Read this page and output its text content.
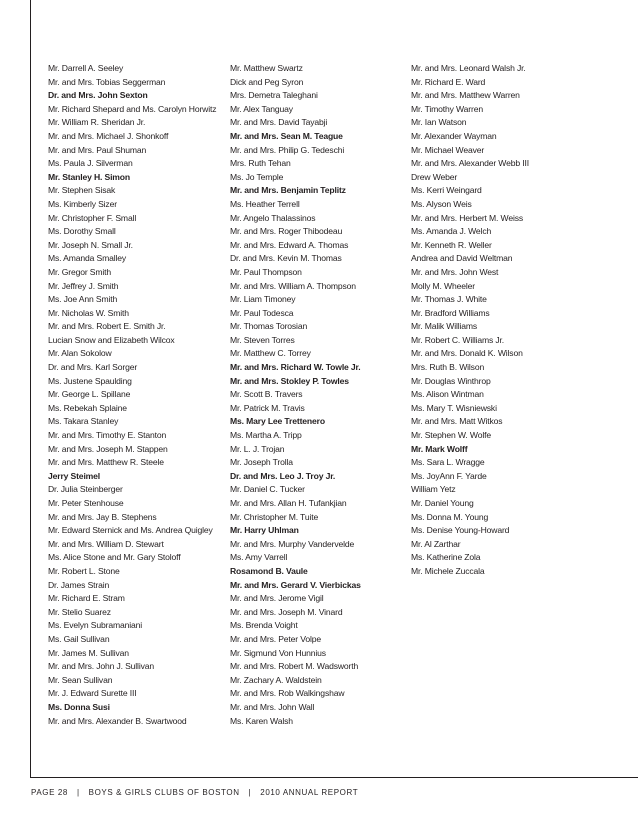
Mr. Darrell A. Seeley
Mr. and Mrs. Tobias Seggerman
Dr. and Mrs. John Sexton
Mr. Richard Shepard and Ms. Carolyn Horwitz
Mr. William R. Sheridan Jr.
Mr. and Mrs. Michael J. Shonkoff
Mr. and Mrs. Paul Shuman
Ms. Paula J. Silverman
Mr. Stanley H. Simon
Mr. Stephen Sisak
Ms. Kimberly Sizer
Mr. Christopher F. Small
Ms. Dorothy Small
Mr. Joseph N. Small Jr.
Ms. Amanda Smalley
Mr. Gregor Smith
Mr. Jeffrey J. Smith
Ms. Joe Ann Smith
Mr. Nicholas W. Smith
Mr. and Mrs. Robert E. Smith Jr.
Lucian Snow and Elizabeth Wilcox
Mr. Alan Sokolow
Dr. and Mrs. Karl Sorger
Ms. Justene Spaulding
Mr. George L. Spillane
Ms. Rebekah Splaine
Ms. Takara Stanley
Mr. and Mrs. Timothy E. Stanton
Mr. and Mrs. Joseph M. Stappen
Mr. and Mrs. Matthew R. Steele
Jerry Steimel
Dr. Julia Steinberger
Mr. Peter Stenhouse
Mr. and Mrs. Jay B. Stephens
Mr. Edward Sternick and Ms. Andrea Quigley
Mr. and Mrs. William D. Stewart
Ms. Alice Stone and Mr. Gary Stoloff
Mr. Robert L. Stone
Dr. James Strain
Mr. Richard E. Stram
Mr. Stelio Suarez
Ms. Evelyn Subramaniani
Ms. Gail Sullivan
Mr. James M. Sullivan
Mr. and Mrs. John J. Sullivan
Mr. Sean Sullivan
Mr. J. Edward Surette III
Ms. Donna Susi
Mr. and Mrs. Alexander B. Swartwood
Mr. Matthew Swartz
Dick and Peg Syron
Mrs. Demetra Taleghani
Mr. Alex Tanguay
Mr. and Mrs. David Tayabji
Mr. and Mrs. Sean M. Teague
Mr. and Mrs. Philip G. Tedeschi
Mrs. Ruth Tehan
Ms. Jo Temple
Mr. and Mrs. Benjamin Teplitz
Ms. Heather Terrell
Mr. Angelo Thalassinos
Mr. and Mrs. Roger Thibodeau
Mr. and Mrs. Edward A. Thomas
Dr. and Mrs. Kevin M. Thomas
Mr. Paul Thompson
Mr. and Mrs. William A. Thompson
Mr. Liam Timoney
Mr. Paul Todesca
Mr. Thomas Torosian
Mr. Steven Torres
Mr. Matthew C. Torrey
Mr. and Mrs. Richard W. Towle Jr.
Mr. and Mrs. Stokley P. Towles
Mr. Scott B. Travers
Mr. Patrick M. Travis
Ms. Mary Lee Trettenero
Ms. Martha A. Tripp
Mr. L. J. Trojan
Mr. Joseph Trolla
Dr. and Mrs. Leo J. Troy Jr.
Mr. Daniel C. Tucker
Mr. and Mrs. Allan H. Tufankjian
Mr. Christopher M. Tuite
Mr. Harry Uhlman
Mr. and Mrs. Murphy Vandervelde
Ms. Amy Varrell
Rosamond B. Vaule
Mr. and Mrs. Gerard V. Vierbickas
Mr. and Mrs. Jerome Vigil
Mr. and Mrs. Joseph M. Vinard
Ms. Brenda Voight
Mr. and Mrs. Peter Volpe
Mr. Sigmund Von Hunnius
Mr. and Mrs. Robert M. Wadsworth
Mr. Zachary A. Waldstein
Mr. and Mrs. Rob Walkingshaw
Mr. and Mrs. John Wall
Ms. Karen Walsh
Mr. and Mrs. Leonard Walsh Jr.
Mr. Richard E. Ward
Mr. and Mrs. Matthew Warren
Mr. Timothy Warren
Mr. Ian Watson
Mr. Alexander Wayman
Mr. Michael Weaver
Mr. and Mrs. Alexander Webb III
Drew Weber
Ms. Kerri Weingard
Ms. Alyson Weis
Mr. and Mrs. Herbert M. Weiss
Ms. Amanda J. Welch
Mr. Kenneth R. Weller
Andrea and David Weltman
Mr. and Mrs. John West
Molly M. Wheeler
Mr. Thomas J. White
Mr. Bradford Williams
Mr. Malik Williams
Mr. Robert C. Williams Jr.
Mr. and Mrs. Donald K. Wilson
Mrs. Ruth B. Wilson
Mr. Douglas Winthrop
Ms. Alison Wintman
Ms. Mary T. Wisniewski
Mr. and Mrs. Matt Witkos
Mr. Stephen W. Wolfe
Mr. Mark Wolff
Ms. Sara L. Wragge
Ms. JoyAnn F. Yarde
William Yetz
Mr. Daniel Young
Ms. Donna M. Young
Ms. Denise Young-Howard
Mr. Al Zarthar
Ms. Katherine Zola
Mr. Michele Zuccala
PAGE 28 | BOYS & GIRLS CLUBS OF BOSTON | 2010 ANNUAL REPORT
